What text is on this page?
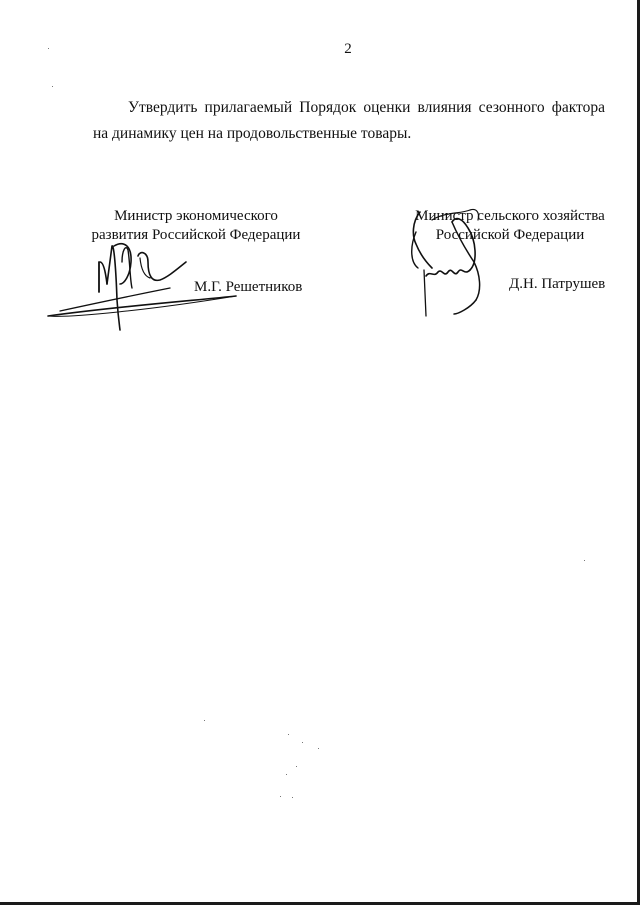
2
Утвердить прилагаемый Порядок оценки влияния сезонного фактора
на динамику цен на продовольственные товары.
Министр экономического
развития Российской Федерации
М.Г. Решетников
Министр сельского хозяйства
Российской Федерации
Д.Н. Патрушев
